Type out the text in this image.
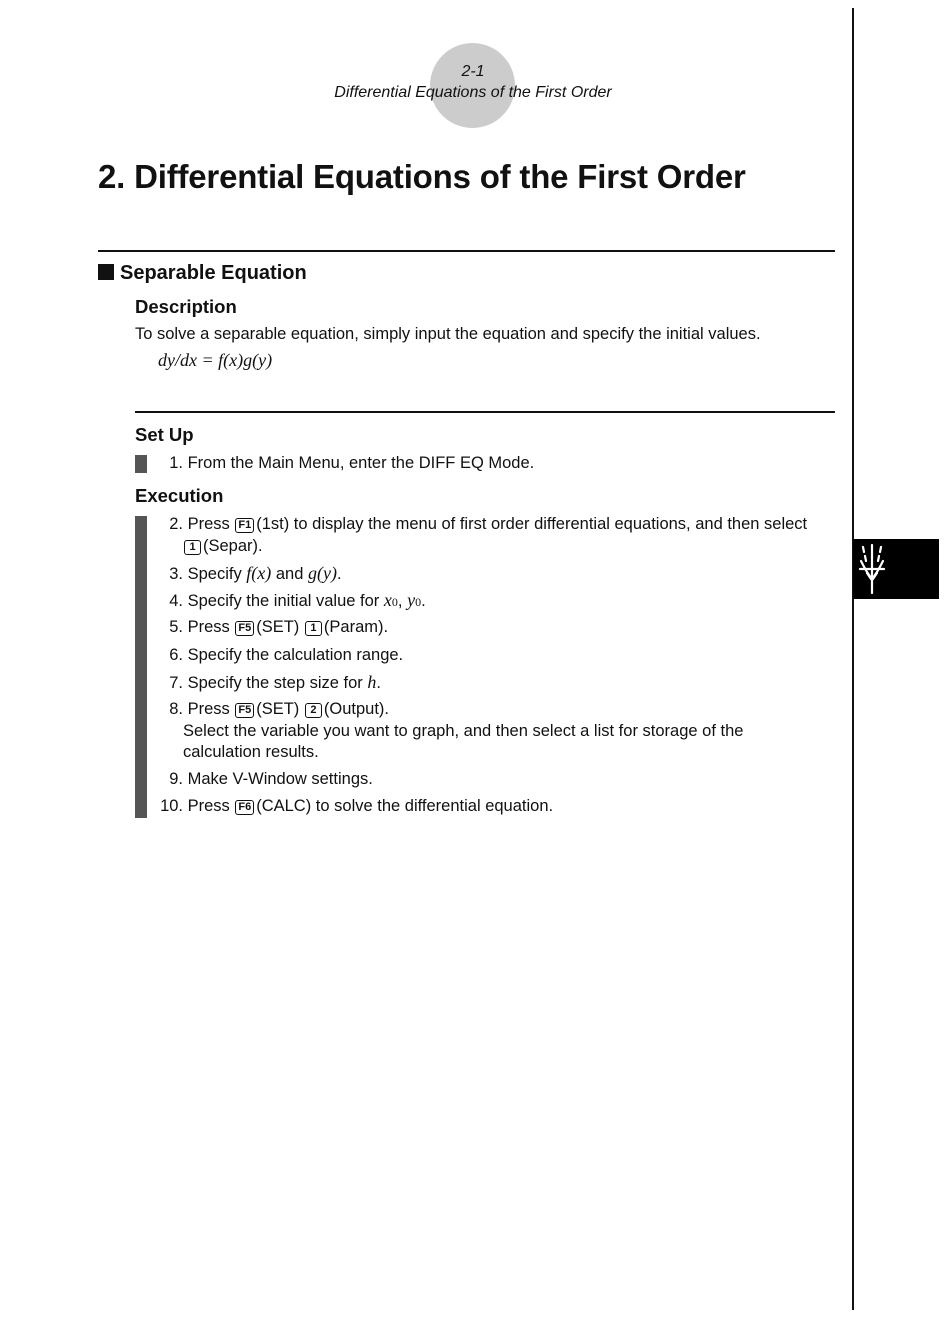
2-1
Differential Equations of the First Order
2. Differential Equations of the First Order
Separable Equation
Description
To solve a separable equation, simply input the equation and specify the initial values.
dy/dx = f(x)g(y)
Set Up
1. From the Main Menu, enter the DIFF EQ Mode.
Execution
2. Press F1 (1st) to display the menu of first order differential equations, and then select
1 (Separ).
3. Specify f(x) and g(y).
4. Specify the initial value for x0, y0.
5. Press F5 (SET) 1 (Param).
6. Specify the calculation range.
7. Specify the step size for h.
8. Press F5 (SET) 2 (Output).
Select the variable you want to graph, and then select a list for storage of the
calculation results.
9. Make V-Window settings.
10. Press F6 (CALC) to solve the differential equation.
